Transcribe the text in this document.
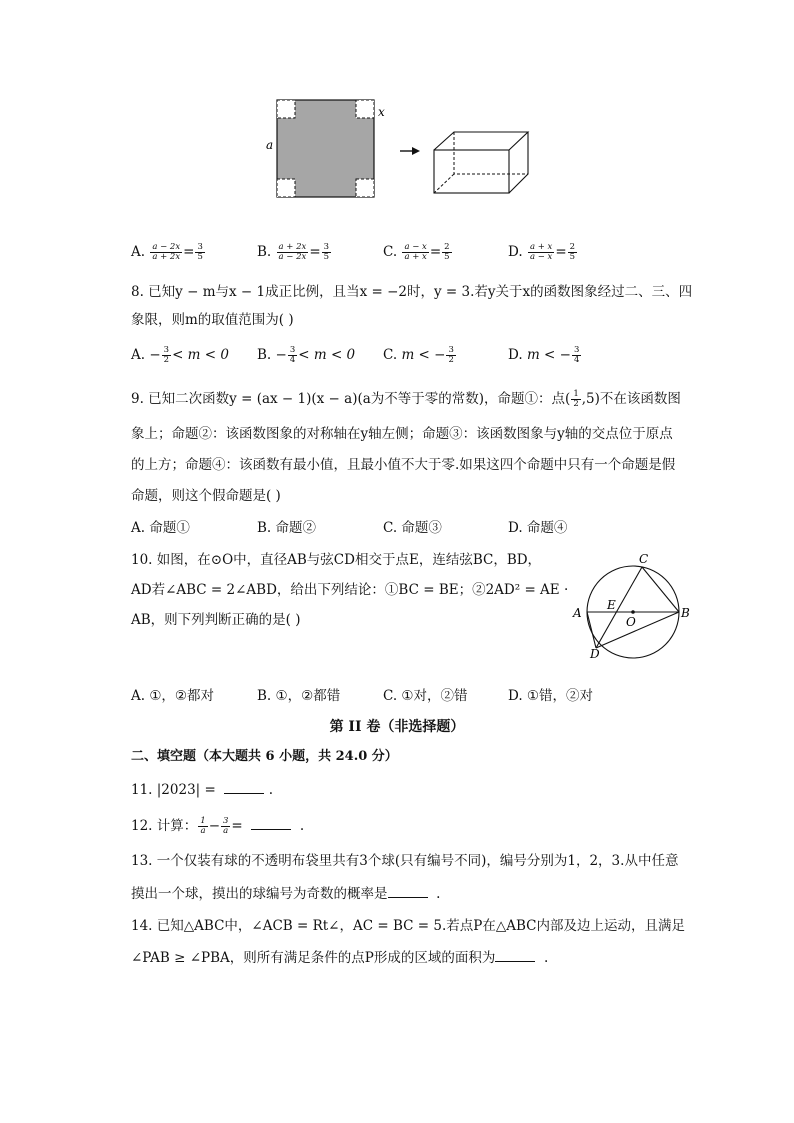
a
x
A. $\frac{a - 2x}{a + 2x} = \frac{3}{5}$	B. $\frac{a + 2x}{a - 2x} = \frac{3}{5}$	C. $\frac{a - x}{a + x} = \frac{2}{5}$	D. $\frac{a + x}{a - x} = \frac{2}{5}$
8. 已知y − m与x − 1成正比例，且当x = −2时，y = 3.若y关于x的函数图象经过二、三、四
象限，则m的取值范围为( )
A. − $\frac{3}{2} < m < 0$ B. − $\frac{3}{4} < m < 0$ C. m < − $\frac{3}{2}$	D. m < − $\frac{3}{4}$
9. 已知二次函数y = (ax − 1)(x − a)(a为不等于零的常数)，命题①：点( $\frac{1}{2} ,5$)不在该函数图
象上；命题②：该函数图象的对称轴在y轴左侧；命题③：该函数图象与y轴的交点位于原点
的上方；命题④：该函数有最小值，且最小值不大于零.如果这四个命题中只有一个命题是假
命题，则这个假命题是( )
A. 命题①	B. 命题②	C. 命题③	D. 命题④
10. 如图，在⊙O中，直径AB与弦CD相交于点E，连结弦BC，BD，
AD若∠ABC = 2∠ABD，给出下列结论：①BC = BE；②2AD² = AE ·
AB，则下列判断正确的是( )
C
A	B
E
O
D
A. ①，②都对	B. ①，②都错	C. ①对，②错	D. ①错，②对
第 II 卷（非选择题）
二、填空题（本大题共 6 小题，共 24.0 分）
11. |2023| =	.
12. 计算： $\frac{1}{a} - \frac{3}{a}$ =	.
13. 一个仅装有球的不透明布袋里共有3个球(只有编号不同)，编号分别为1，2，3.从中任意
摸出一个球，摸出的球编号为奇数的概率是	.
14. 已知△ABC中，∠ACB = Rt∠，AC = BC = 5.若点P在△ABC内部及边上运动，且满足
∠PAB ≥ ∠PBA，则所有满足条件的点P形成的区域的面积为	.
